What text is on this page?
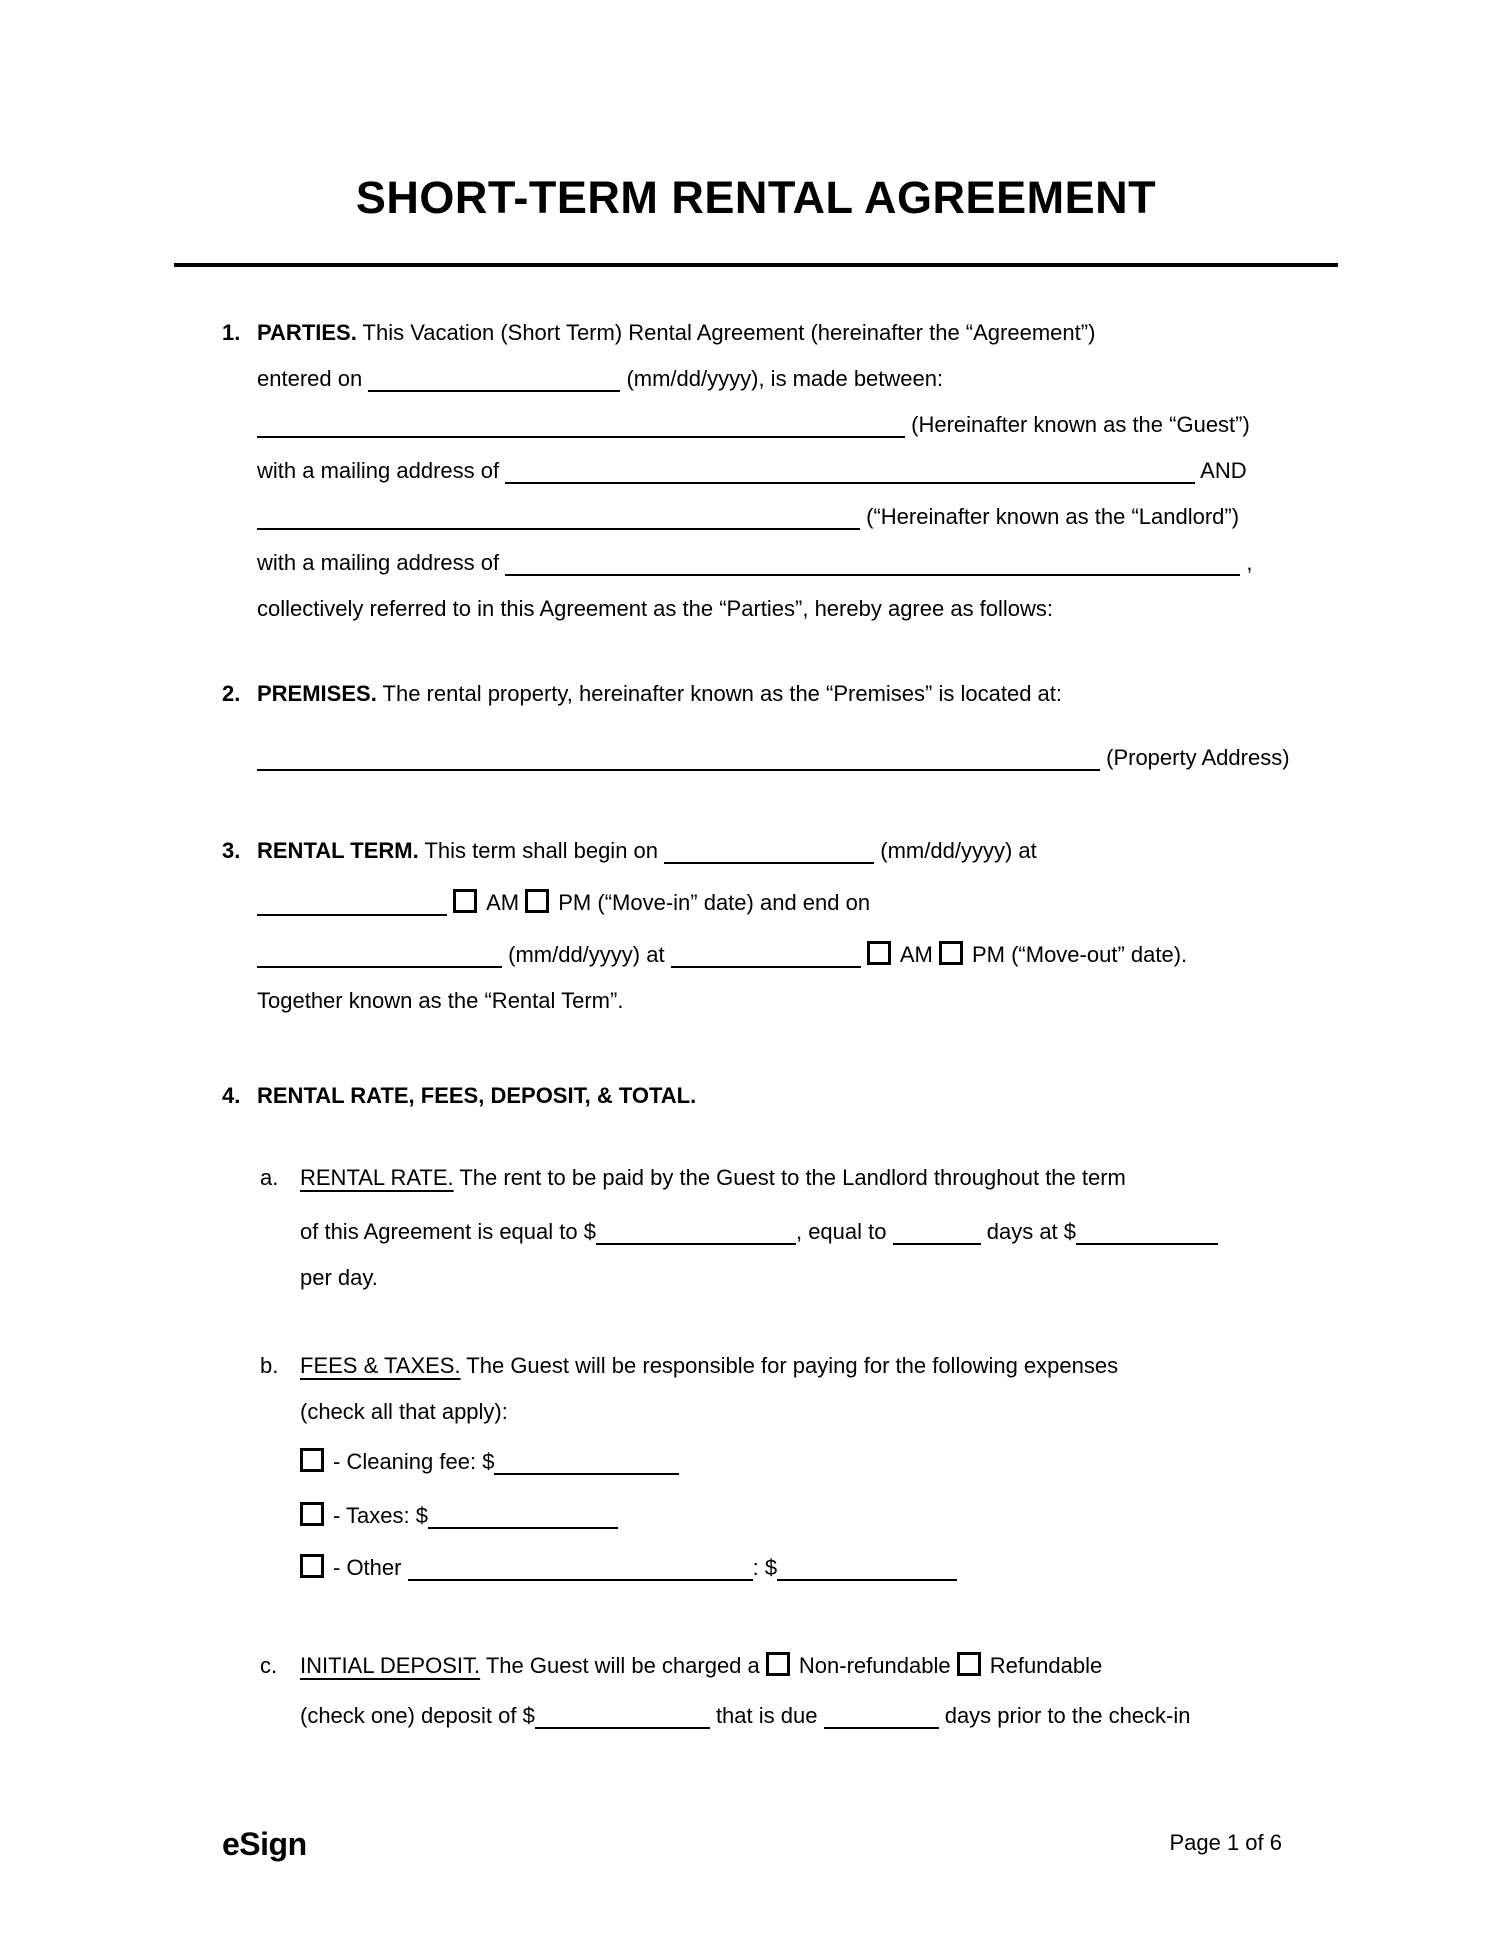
SHORT-TERM RENTAL AGREEMENT
1. PARTIES. This Vacation (Short Term) Rental Agreement (hereinafter the “Agreement”)
entered on	(mm/dd/yyyy), is made between:
(Hereinafter known as the “Guest”)
with a mailing address of	AND
(“Hereinafter known as the “Landlord”)
with a mailing address of	,
collectively referred to in this Agreement as the “Parties”, hereby agree as follows:
2. PREMISES. The rental property, hereinafter known as the “Premises” is located at:
(Property Address)
3. RENTAL TERM. This term shall begin on	(mm/dd/yyyy) at
AM PM (“Move-in” date) and end on
(mm/dd/yyyy) at	AM PM (“Move-out” date).
Together known as the “Rental Term”.
4. RENTAL RATE, FEES, DEPOSIT, & TOTAL.
a. RENTAL RATE. The rent to be paid by the Guest to the Landlord throughout the term
of this Agreement is equal to $	, equal to	days at $
per day.
b. FEES & TAXES. The Guest will be responsible for paying for the following expenses
(check all that apply):
- Cleaning fee: $
- Taxes: $
- Other	: $
c. INITIAL DEPOSIT. The Guest will be charged a Non-refundable Refundable
(check one) deposit of $	that is due	days prior to the check-in
eSign	Page 1 of 6
